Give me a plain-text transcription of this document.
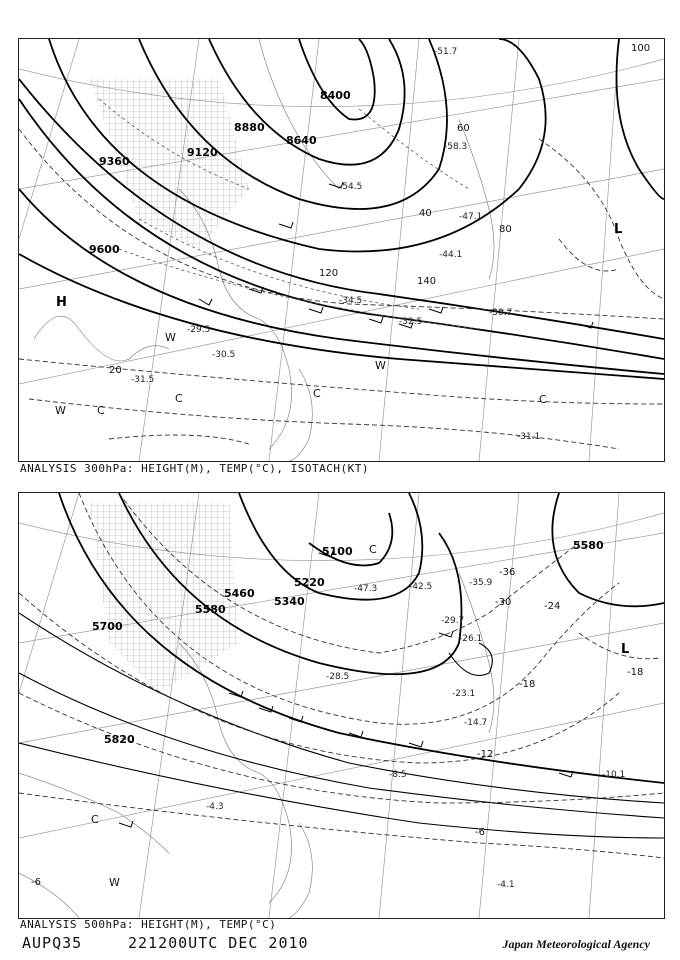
8400
8640
8880
9120
9360
9600
100
60
80
40
20
120
140
-51.7
-54.5
-58.3
-47.1
-44.1
-34.5
-31.1
-29.5
-30.5
-32.5
-31.5
-30.7
H
L
W
W
W
C
C	C	C
ANALYSIS 300hPa: HEIGHT(M), TEMP(°C), ISOTACH(KT)
5100
5220
5340
5460
5580
5580
5700
5820
-36
-30	-24
-18
-18
-12
-6
-6
-47.3	-42.5	-35.9
-29.7
-26.1
-28.5
-23.1
-14.7
-8.5	-10.1
-4.3
-4.1
L
C
C
W
ANALYSIS 500hPa: HEIGHT(M), TEMP(°C)
AUPQ35	221200UTC DEC 2010	Japan Meteorological Agency
